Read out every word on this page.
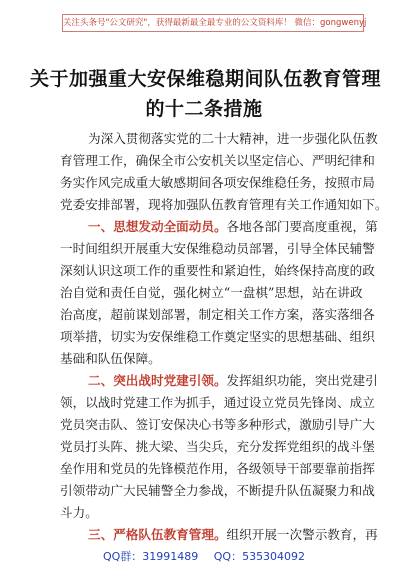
关注头条号"公文研究"，获得最新最全最专业的公文资料库！ 微信：gongwenyj
关于加强重大安保维稳期间队伍教育管理
的十二条措施
为深入贯彻落实党的二十大精神，进一步强化队伍教
育管理工作，确保全市公安机关以坚定信心、严明纪律和
务实作风完成重大敏感期间各项安保维稳任务，按照市局
党委安排部署，现将加强队伍教育管理有关工作通知如下。
一、思想发动全面动员。各地各部门要高度重视，第
一时间组织开展重大安保维稳动员部署，引导全体民辅警
深刻认识这项工作的重要性和紧迫性，始终保持高度的政
治自觉和责任自觉，强化树立“一盘棋”思想，站在讲政
治高度，超前谋划部署，制定相关工作方案，落实落细各
项举措，切实为安保维稳工作奠定坚实的思想基础、组织
基础和队伍保障。
二、突出战时党建引领。发挥組织功能，突出党建引
领，以战时党建工作为抓手，通过设立党员先锋岗、成立
党员突击队、签订安保决心书等多种形式，激励引导广大
党员打头阵、挑大梁、当尖兵，充分发挥党组织的战斗堡
垒作用和党员的先锋模范作用，各级领导干部要靠前指挥
引领带动广大民辅警全力参战，不断提升队伍凝聚力和战
斗力。
三、严格队伍教育管理。组织开展一次警示教育，再
QQ群：31991489 QQ：535304092
